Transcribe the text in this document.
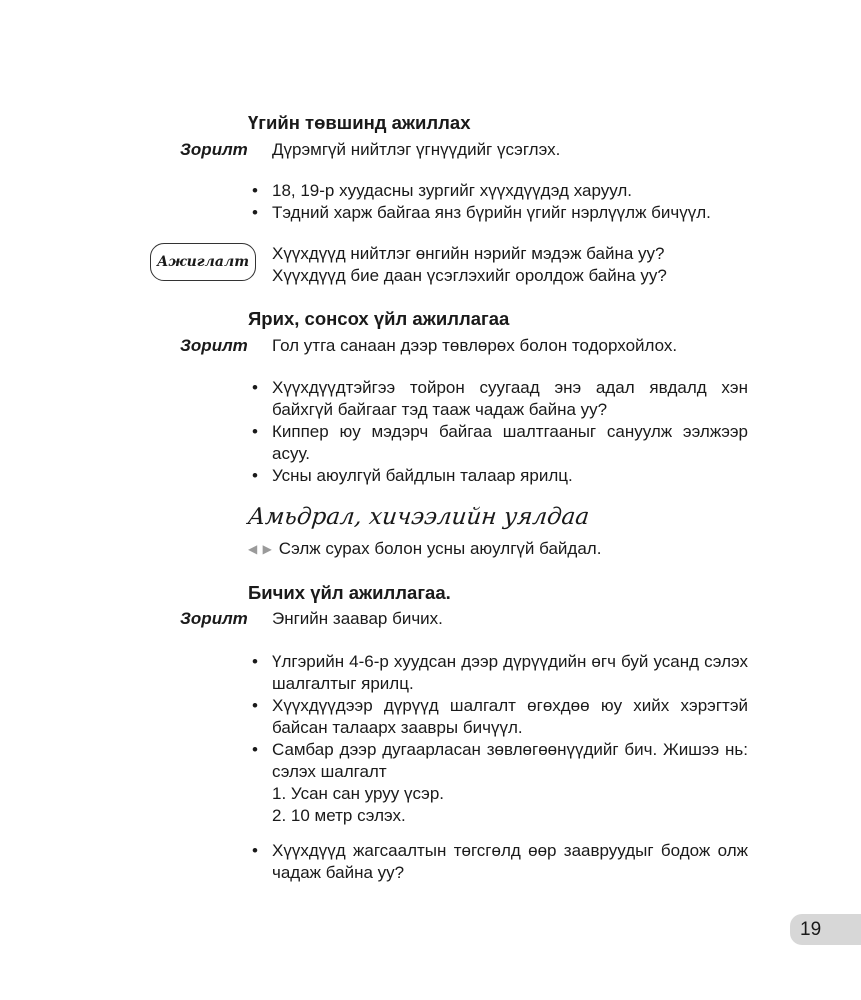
Үгийн төвшинд ажиллах
Зорилт Дүрэмгүй нийтлэг үгнүүдийг үсэглэх.
• 18, 19-р хуудасны зургийг хүүхдүүдэд харуул.
• Тэдний харж байгаа янз бүрийн үгийг нэрлүүлж бичүүл.
Ажиглалт	Хүүхдүүд нийтлэг өнгийн нэрийг мэдэж байна уу?
Хүүхдүүд бие даан үсэглэхийг оролдож байна уу?
Ярих, сонсох үйл ажиллагаа
Зорилт Гол утга санаан дээр төвлөрөх болон тодорхойлох.
• Хүүхдүүдтэйгээ тойрон суугаад энэ адал явдалд хэн байхгүй байгааг тэд тааж чадаж байна уу?
• Киппер юу мэдэрч байгаа шалтгааныг сануулж ээлжээр асуу.
• Усны аюулгүй байдлын талаар ярилц.
Амьдрал, хичээлийн уялдаа
◀ ▶ Сэлж сурах болон усны аюулгүй байдал.
Бичих үйл ажиллагаа.
Зорилт Энгийн заавар бичих.
• Үлгэрийн 4-6-р хуудсан дээр дүрүүдийн өгч буй усанд сэлэх шалгалтыг ярилц.
• Хүүхдүүдээр дүрүүд шалгалт өгөхдөө юу хийх хэрэгтэй байсан талаарх заавры бичүүл.
• Самбар дээр дугаарласан зөвлөгөөнүүдийг бич. Жишээ нь: сэлэх шалгалт
1. Усан сан уруу үсэр.
2. 10 метр сэлэх.
• Хүүхдүүд жагсаалтын төгсгөлд өөр заавруудыг бодож олж чадаж байна уу?
19
